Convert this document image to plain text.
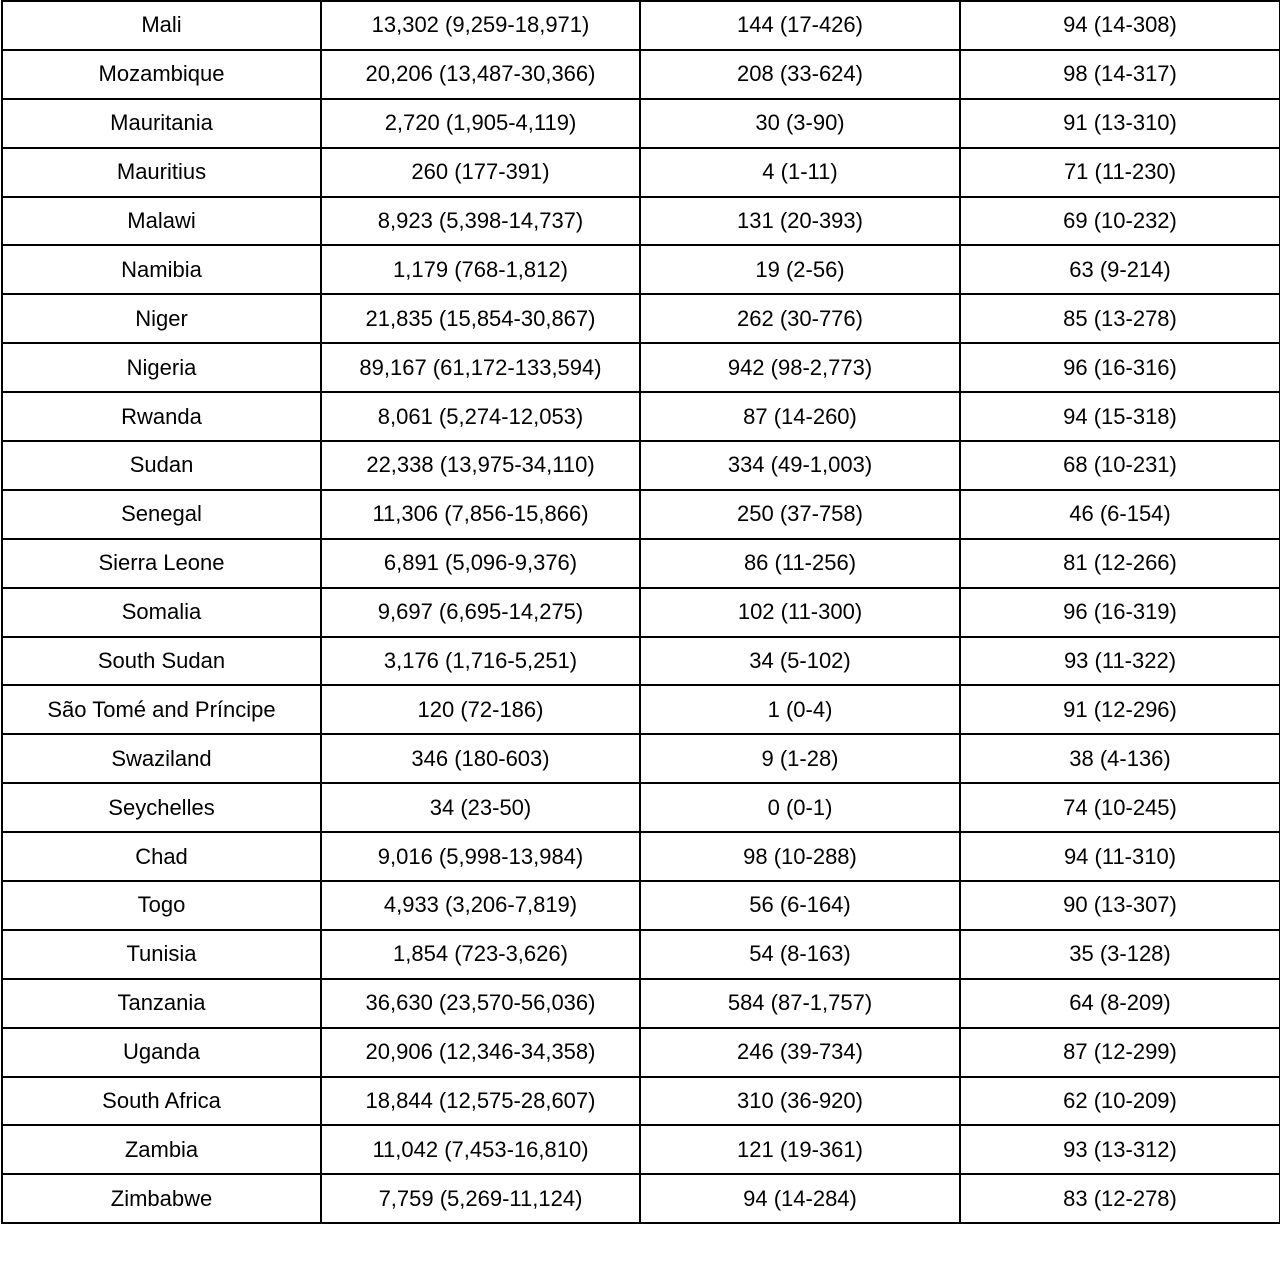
Mali	13,302 (9,259-18,971)	144 (17-426)	94 (14-308)
Mozambique	20,206 (13,487-30,366)	208 (33-624)	98 (14-317)
Mauritania	2,720 (1,905-4,119)	30 (3-90)	91 (13-310)
Mauritius	260 (177-391)	4 (1-11)	71 (11-230)
Malawi	8,923 (5,398-14,737)	131 (20-393)	69 (10-232)
Namibia	1,179 (768-1,812)	19 (2-56)	63 (9-214)
Niger	21,835 (15,854-30,867)	262 (30-776)	85 (13-278)
Nigeria	89,167 (61,172-133,594)	942 (98-2,773)	96 (16-316)
Rwanda	8,061 (5,274-12,053)	87 (14-260)	94 (15-318)
Sudan	22,338 (13,975-34,110)	334 (49-1,003)	68 (10-231)
Senegal	11,306 (7,856-15,866)	250 (37-758)	46 (6-154)
Sierra Leone	6,891 (5,096-9,376)	86 (11-256)	81 (12-266)
Somalia	9,697 (6,695-14,275)	102 (11-300)	96 (16-319)
South Sudan	3,176 (1,716-5,251)	34 (5-102)	93 (11-322)
São Tomé and Príncipe	120 (72-186)	1 (0-4)	91 (12-296)
Swaziland	346 (180-603)	9 (1-28)	38 (4-136)
Seychelles	34 (23-50)	0 (0-1)	74 (10-245)
Chad	9,016 (5,998-13,984)	98 (10-288)	94 (11-310)
Togo	4,933 (3,206-7,819)	56 (6-164)	90 (13-307)
Tunisia	1,854 (723-3,626)	54 (8-163)	35 (3-128)
Tanzania	36,630 (23,570-56,036)	584 (87-1,757)	64 (8-209)
Uganda	20,906 (12,346-34,358)	246 (39-734)	87 (12-299)
South Africa	18,844 (12,575-28,607)	310 (36-920)	62 (10-209)
Zambia	11,042 (7,453-16,810)	121 (19-361)	93 (13-312)
Zimbabwe	7,759 (5,269-11,124)	94 (14-284)	83 (12-278)
